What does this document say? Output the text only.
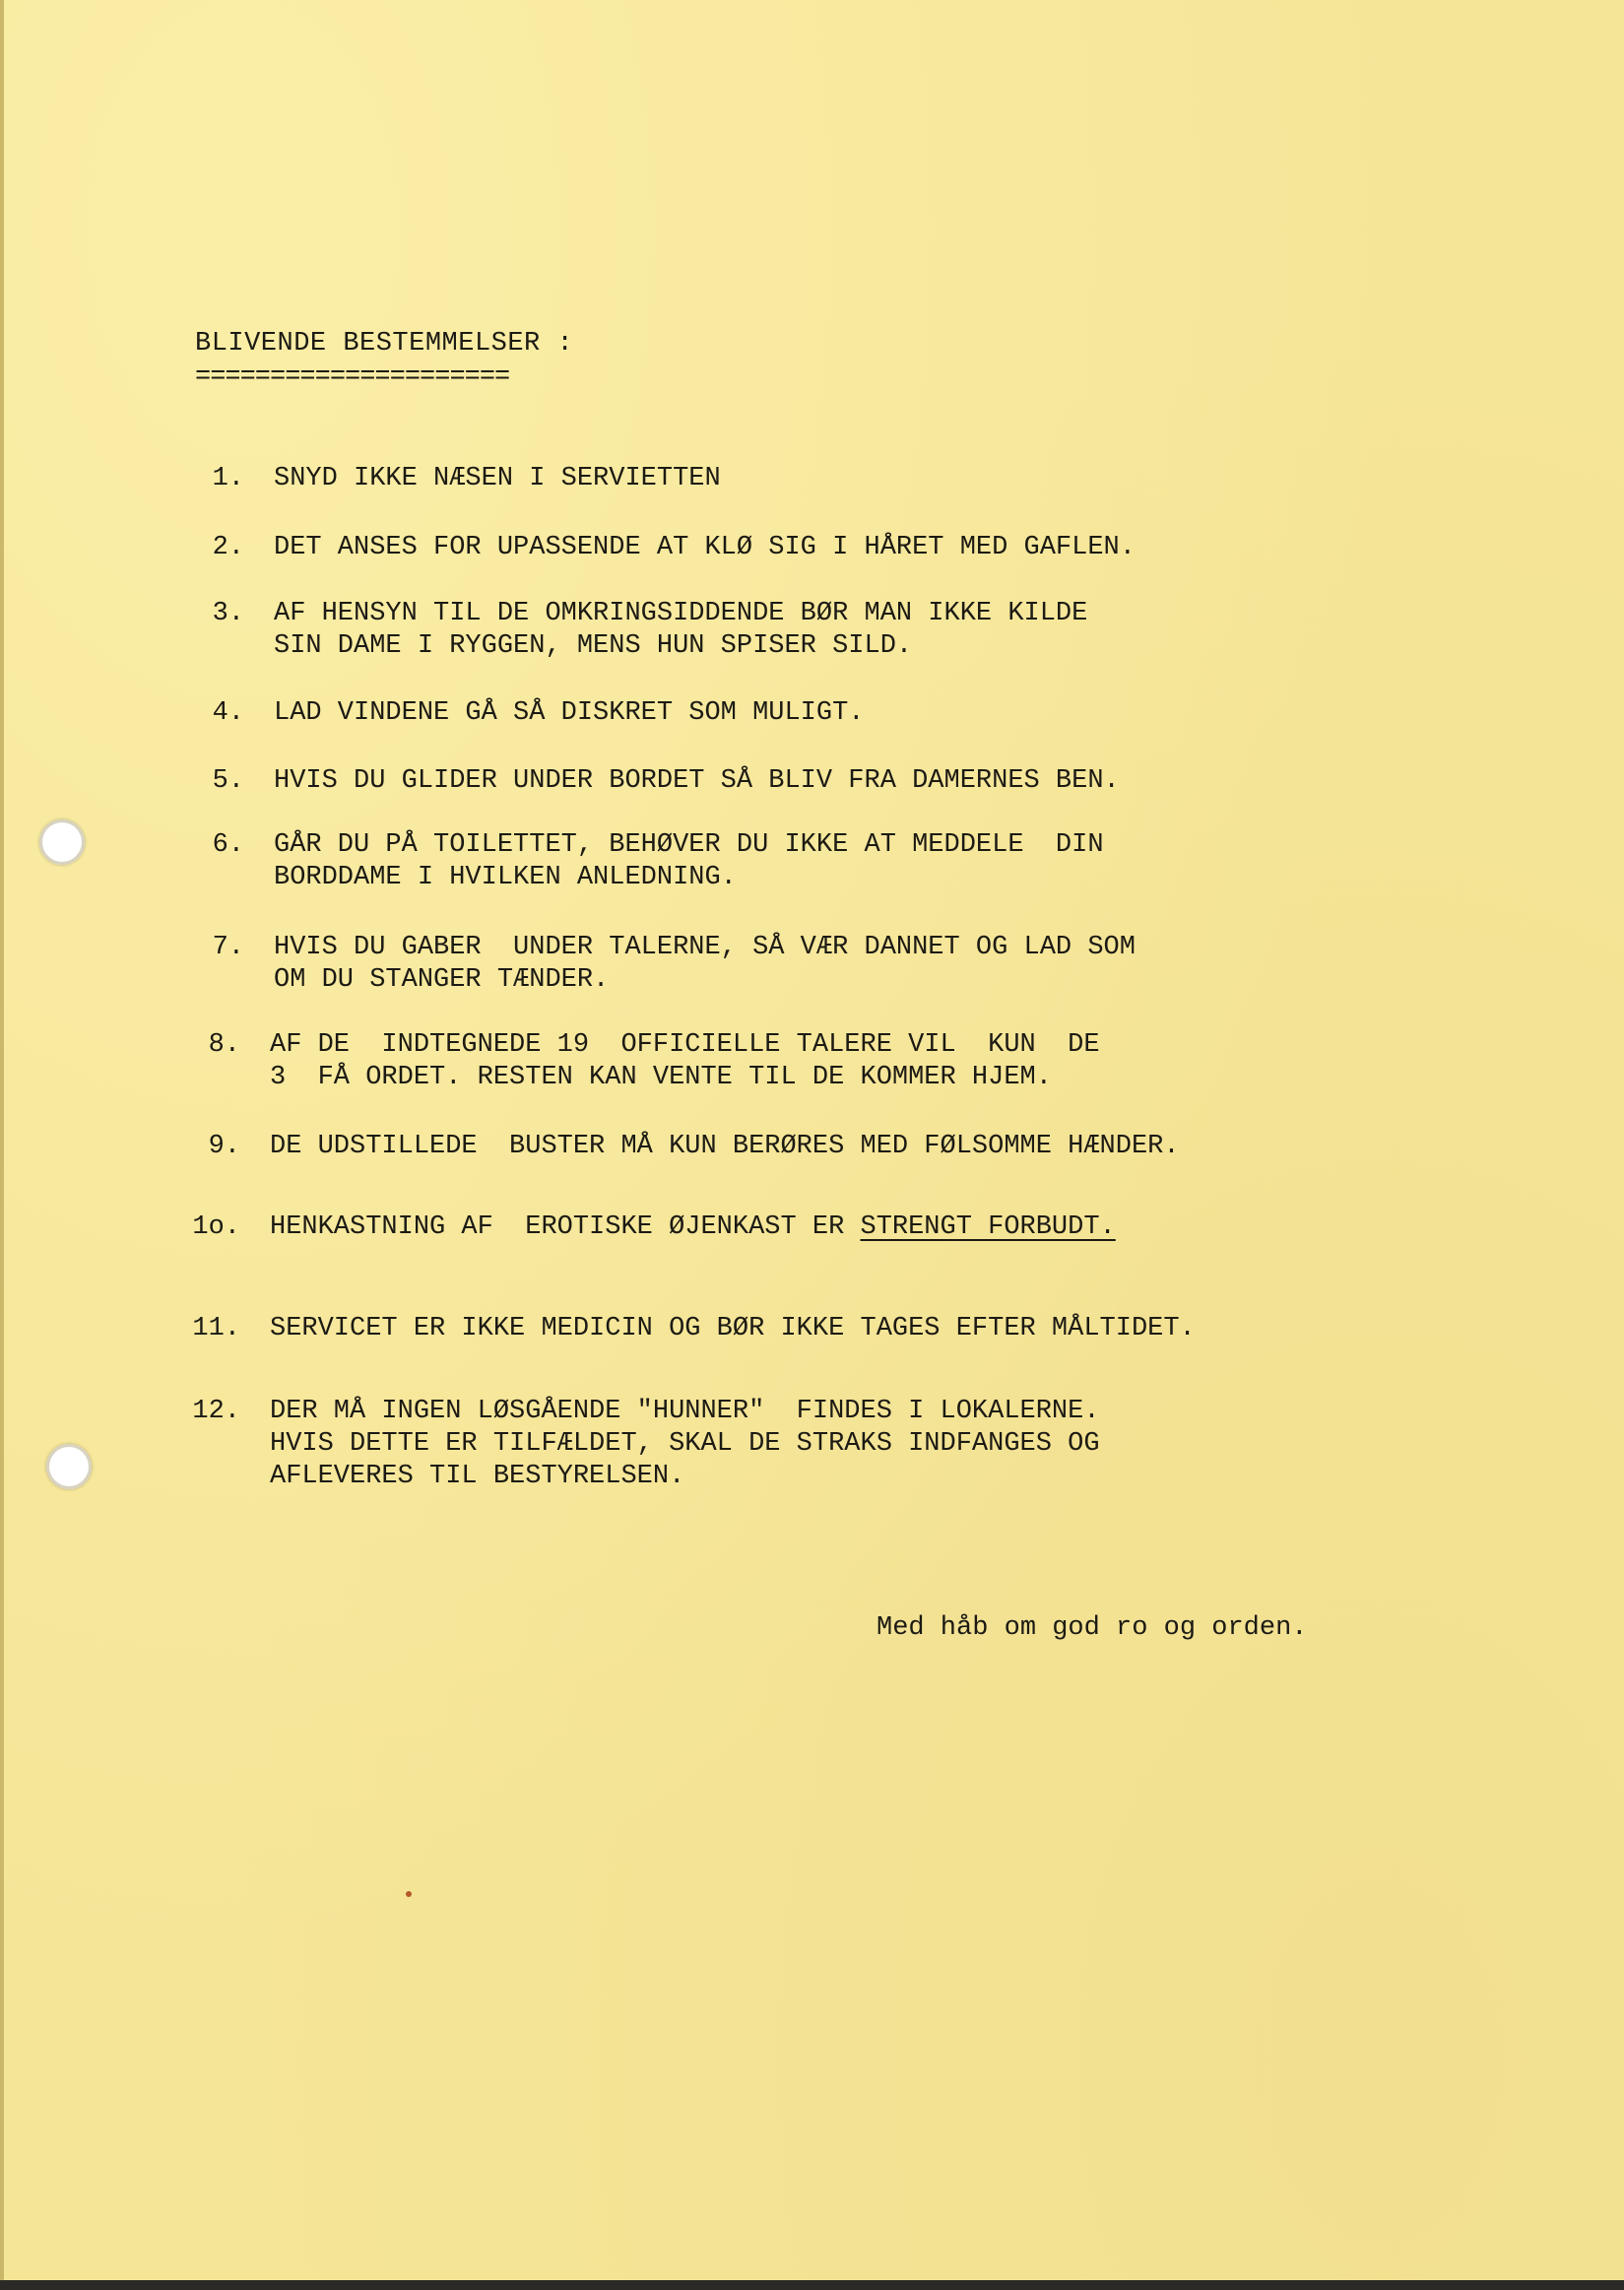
BLIVENDE BESTEMMELSER :
=====================

1.

SNYD IKKE NÆSEN I SERVIETTEN

2.

DET ANSES FOR UPASSENDE AT KLØ SIG I HÅRET MED GAFLEN.

3.

AF HENSYN TIL DE OMKRINGSIDDENDE BØR MAN IKKE KILDE

SIN DAME I RYGGEN, MENS HUN SPISER SILD.

4.

LAD VINDENE GÅ SÅ DISKRET SOM MULIGT.

5.

HVIS DU GLIDER UNDER BORDET SÅ BLIV FRA DAMERNES BEN.

6.

GÅR DU PÅ TOILETTET, BEHØVER DU IKKE AT MEDDELE  DIN

BORDDAME I HVILKEN ANLEDNING.

7.

HVIS DU GABER  UNDER TALERNE, SÅ VÆR DANNET OG LAD SOM

OM DU STANGER TÆNDER.

8.

AF DE  INDTEGNEDE 19  OFFICIELLE TALERE VIL  KUN  DE

3  FÅ ORDET. RESTEN KAN VENTE TIL DE KOMMER HJEM.

9.

DE UDSTILLEDE  BUSTER MÅ KUN BERØRES MED FØLSOMME HÆNDER.

1o.

HENKASTNING AF  EROTISKE ØJENKAST ER STRENGT FORBUDT.

11.

SERVICET ER IKKE MEDICIN OG BØR IKKE TAGES EFTER MÅLTIDET.

12.

DER MÅ INGEN LØSGÅENDE "HUNNER"  FINDES I LOKALERNE.

HVIS DETTE ER TILFÆLDET, SKAL DE STRAKS INDFANGES OG

AFLEVERES TIL BESTYRELSEN.

Med håb om god ro og orden.
